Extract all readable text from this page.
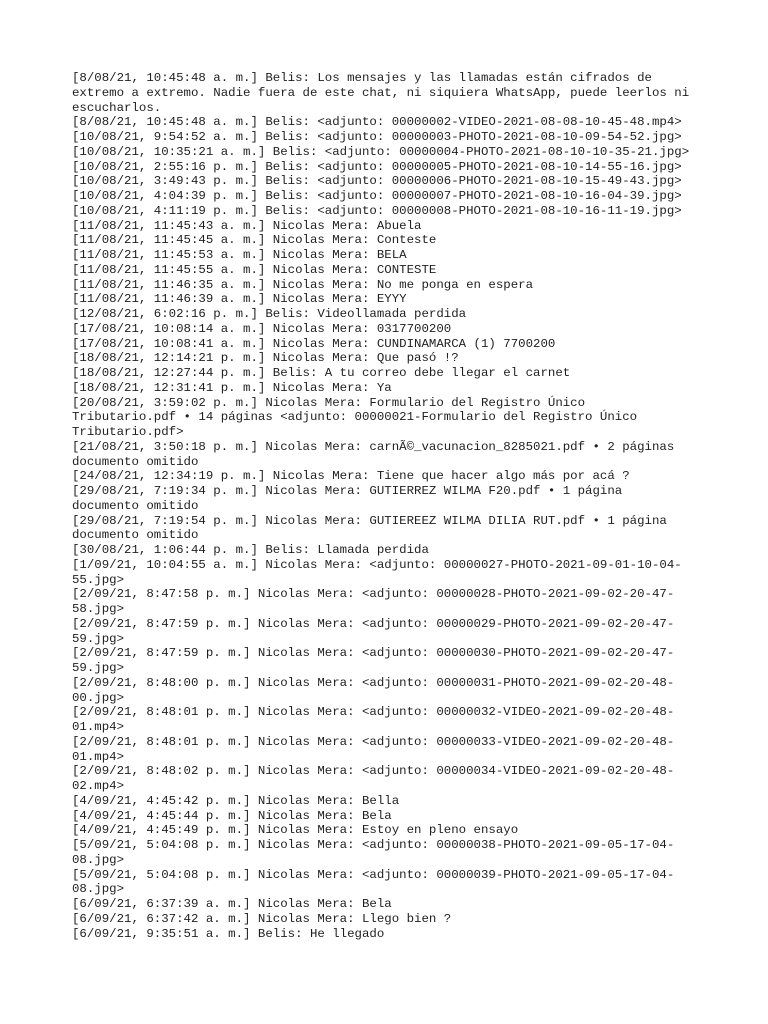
[8/08/21, 10:45:48 a. m.] Belis: Los mensajes y las llamadas están cifrados de
extremo a extremo. Nadie fuera de este chat, ni siquiera WhatsApp, puede leerlos ni
escucharlos.
[8/08/21, 10:45:48 a. m.] Belis: <adjunto: 00000002-VIDEO-2021-08-08-10-45-48.mp4>
[10/08/21, 9:54:52 a. m.] Belis: <adjunto: 00000003-PHOTO-2021-08-10-09-54-52.jpg>
[10/08/21, 10:35:21 a. m.] Belis: <adjunto: 00000004-PHOTO-2021-08-10-10-35-21.jpg>
[10/08/21, 2:55:16 p. m.] Belis: <adjunto: 00000005-PHOTO-2021-08-10-14-55-16.jpg>
[10/08/21, 3:49:43 p. m.] Belis: <adjunto: 00000006-PHOTO-2021-08-10-15-49-43.jpg>
[10/08/21, 4:04:39 p. m.] Belis: <adjunto: 00000007-PHOTO-2021-08-10-16-04-39.jpg>
[10/08/21, 4:11:19 p. m.] Belis: <adjunto: 00000008-PHOTO-2021-08-10-16-11-19.jpg>
[11/08/21, 11:45:43 a. m.] Nicolas Mera: Abuela
[11/08/21, 11:45:45 a. m.] Nicolas Mera: Conteste
[11/08/21, 11:45:53 a. m.] Nicolas Mera: BELA
[11/08/21, 11:45:55 a. m.] Nicolas Mera: CONTESTE
[11/08/21, 11:46:35 a. m.] Nicolas Mera: No me ponga en espera
[11/08/21, 11:46:39 a. m.] Nicolas Mera: EYYY
[12/08/21, 6:02:16 p. m.] Belis: Videollamada perdida
[17/08/21, 10:08:14 a. m.] Nicolas Mera: 0317700200
[17/08/21, 10:08:41 a. m.] Nicolas Mera: CUNDINAMARCA (1) 7700200
[18/08/21, 12:14:21 p. m.] Nicolas Mera: Que pasó !?
[18/08/21, 12:27:44 p. m.] Belis: A tu correo debe llegar el carnet
[18/08/21, 12:31:41 p. m.] Nicolas Mera: Ya
[20/08/21, 3:59:02 p. m.] Nicolas Mera: Formulario del Registro Único
Tributario.pdf • 14 páginas <adjunto: 00000021-Formulario del Registro Único
Tributario.pdf>
[21/08/21, 3:50:18 p. m.] Nicolas Mera: carnÃ©_vacunacion_8285021.pdf • 2 páginas
documento omitido
[24/08/21, 12:34:19 p. m.] Nicolas Mera: Tiene que hacer algo más por acá ?
[29/08/21, 7:19:34 p. m.] Nicolas Mera: GUTIERREZ WILMA F20.pdf • 1 página
documento omitido
[29/08/21, 7:19:54 p. m.] Nicolas Mera: GUTIEREEZ WILMA DILIA RUT.pdf • 1 página
documento omitido
[30/08/21, 1:06:44 p. m.] Belis: Llamada perdida
[1/09/21, 10:04:55 a. m.] Nicolas Mera: <adjunto: 00000027-PHOTO-2021-09-01-10-04-
55.jpg>
[2/09/21, 8:47:58 p. m.] Nicolas Mera: <adjunto: 00000028-PHOTO-2021-09-02-20-47-
58.jpg>
[2/09/21, 8:47:59 p. m.] Nicolas Mera: <adjunto: 00000029-PHOTO-2021-09-02-20-47-
59.jpg>
[2/09/21, 8:47:59 p. m.] Nicolas Mera: <adjunto: 00000030-PHOTO-2021-09-02-20-47-
59.jpg>
[2/09/21, 8:48:00 p. m.] Nicolas Mera: <adjunto: 00000031-PHOTO-2021-09-02-20-48-
00.jpg>
[2/09/21, 8:48:01 p. m.] Nicolas Mera: <adjunto: 00000032-VIDEO-2021-09-02-20-48-
01.mp4>
[2/09/21, 8:48:01 p. m.] Nicolas Mera: <adjunto: 00000033-VIDEO-2021-09-02-20-48-
01.mp4>
[2/09/21, 8:48:02 p. m.] Nicolas Mera: <adjunto: 00000034-VIDEO-2021-09-02-20-48-
02.mp4>
[4/09/21, 4:45:42 p. m.] Nicolas Mera: Bella
[4/09/21, 4:45:44 p. m.] Nicolas Mera: Bela
[4/09/21, 4:45:49 p. m.] Nicolas Mera: Estoy en pleno ensayo
[5/09/21, 5:04:08 p. m.] Nicolas Mera: <adjunto: 00000038-PHOTO-2021-09-05-17-04-
08.jpg>
[5/09/21, 5:04:08 p. m.] Nicolas Mera: <adjunto: 00000039-PHOTO-2021-09-05-17-04-
08.jpg>
[6/09/21, 6:37:39 a. m.] Nicolas Mera: Bela
[6/09/21, 6:37:42 a. m.] Nicolas Mera: Llego bien ?
[6/09/21, 9:35:51 a. m.] Belis: He llegado
